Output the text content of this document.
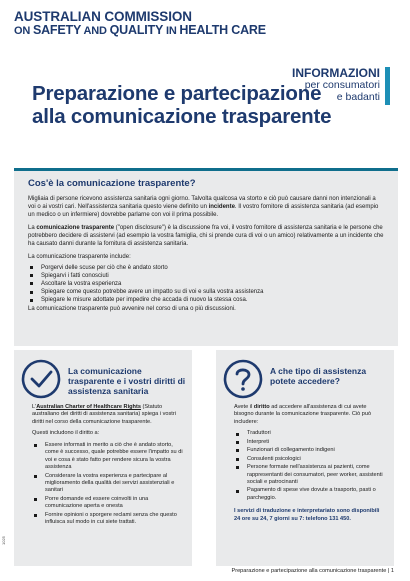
AUSTRALIAN COMMISSION
ON SAFETY AND QUALITY IN HEALTH CARE
INFORMAZIONI
per consumatori
e badanti
Preparazione e partecipazione alla comunicazione trasparente
Cos'è la comunicazione trasparente?

Migliaia di persone ricevono assistenza sanitaria ogni giorno. Talvolta qualcosa va storto e ciò può causare danni non intenzionali a voi o ai vostri cari. Nell'assistenza sanitaria questo viene definito un incidente. Il vostro fornitore di assistenza sanitaria (ad esempio un medico o un infermiere) dovrebbe parlarne con voi il prima possibile.

La comunicazione trasparente ("open disclosure") è la discussione fra voi, il vostro fornitore di assistenza sanitaria e le persone che potrebbero decidere di assistervi (ad esempio la vostra famiglia, chi si prende cura di voi o un amico) relativamente a un incidente che ha causato danni durante la fornitura di assistenza sanitaria.

La comunicazione trasparente include:

Porgervi delle scuse per ciò che è andato storto
Spiegarvi i fatti conosciuti
Ascoltare la vostra esperienza
Spiegare come questo potrebbe avere un impatto su di voi e sulla vostra assistenza
Spiegare le misure adottate per impedire che accada di nuovo la stessa cosa.

La comunicazione trasparente può avvenire nel corso di una o più discussioni.

La comunicazione trasparente e i vostri diritti di assistenza sanitaria

L'Australian Charter of Healthcare Rights (Statuto australiano dei diritti di assistenza sanitaria) spiega i vostri diritti nel corso della comunicazione trasparente.

Questi includono il diritto a:

Essere informati in merito a ciò che è andato storto, come è successo, quale potrebbe essere l'impatto su di voi e cosa è stato fatto per rendere sicura la vostra assistenza
Considerare la vostra esperienza e partecipare al miglioramento della qualità dei servizi assistenziali e sanitari
Porre domande ed essere coinvolti in una comunicazione aperta e onesta
Fornire opinioni o sporgere reclami senza che questo influisca sul modo in cui siete trattati.
A che tipo di assistenza potete accedere?

Avete il diritto ad accedere all'assistenza di cui avete bisogno durante la comunicazione trasparente. Ciò può includere:

Traduttori
Interpreti
Funzionari di collegamento indigeni
Consulenti psicologici
Persone formate nell'assistenza ai pazienti, come rappresentanti dei consumatori, peer worker, assistenti sociali e patrocinanti
Pagamento di spese vive dovute a trasporto, pasti o parcheggio.

I servizi di traduzione e interpretariato sono disponibili 24 ore su 24, 7 giorni su 7: telefono 131 450.

1025
Preparazione e partecipazione alla comunicazione trasparente | 1
